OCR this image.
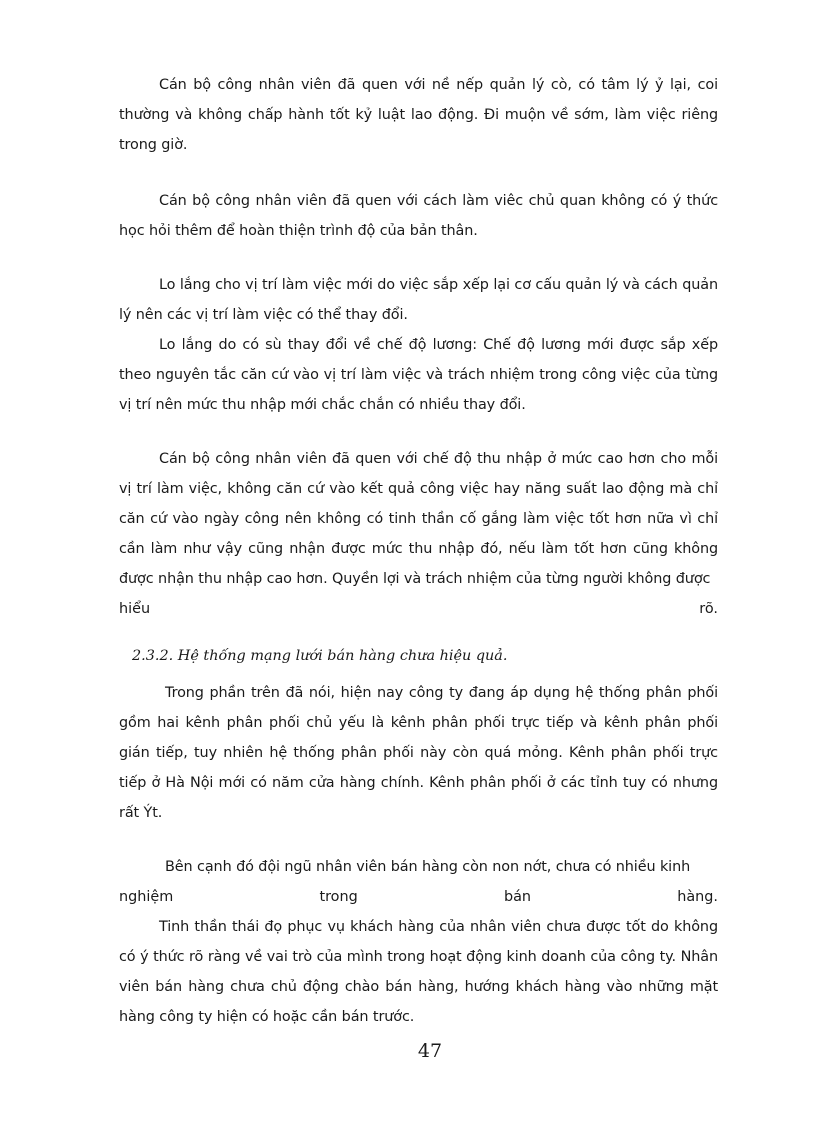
Cán bộ công nhân viên đã quen với nề nếp quản lý cò, có tâm lý ỷ lại, coi thường và không chấp hành tốt kỷ luật lao động. Đi muộn về sớm, làm việc riêng trong giờ.

Cán bộ công nhân viên đã quen với cách làm viêc chủ quan không có ý thức học hỏi thêm để hoàn thiện trình độ của bản thân.

Lo lắng cho vị trí làm việc mới do việc sắp xếp lại cơ cấu quản lý và cách quản lý nên các vị trí làm việc có thể thay đổi.

Lo lắng do có sù thay đổi về chế độ lương: Chế độ lương mới được sắp xếp theo nguyên tắc căn cứ vào vị trí làm việc và trách nhiệm trong công việc của từng vị trí nên mức thu nhập mới chắc chắn có nhiều thay đổi.

Cán bộ công nhân viên đã quen với chế độ thu nhập ở mức cao hơn cho mỗi vị trí làm việc, không căn cứ vào kết quả công việc hay năng suất lao động mà chỉ căn cứ vào ngày công nên không có tinh thần cố gắng làm việc tốt hơn nữa vì chỉ cần làm như vậy cũng nhận được mức thu nhập đó, nếu làm tốt hơn cũng không được nhận thu nhập cao hơn. Quyền lợi và trách nhiệm của từng người không được

hiểu	rõ.

2.3.2. Hệ thống mạng lưới bán hàng chưa hiệu quả.

Trong phần trên đã nói, hiện nay công ty đang áp dụng hệ thống phân phối gồm hai kênh phân phối chủ yếu là kênh phân phối trực tiếp và kênh phân phối gián tiếp, tuy nhiên hệ thống phân phối này còn quá mỏng. Kênh phân phối trực tiếp ở Hà Nội mới có năm cửa hàng chính. Kênh phân phối ở các tỉnh tuy có nhưng rất Ýt.

Bên cạnh đó đội ngũ nhân viên bán hàng còn non nớt, chưa có nhiều kinh

nghiệm	trong	bán	hàng.

Tinh thần thái đọ phục vụ khách hàng của nhân viên chưa được tốt do không có ý thức rõ ràng về vai trò của mình trong hoạt động kinh doanh của công ty. Nhân viên bán hàng chưa chủ động chào bán hàng, hướng khách hàng vào những mặt hàng công ty hiện có hoặc cần bán trước.

47
